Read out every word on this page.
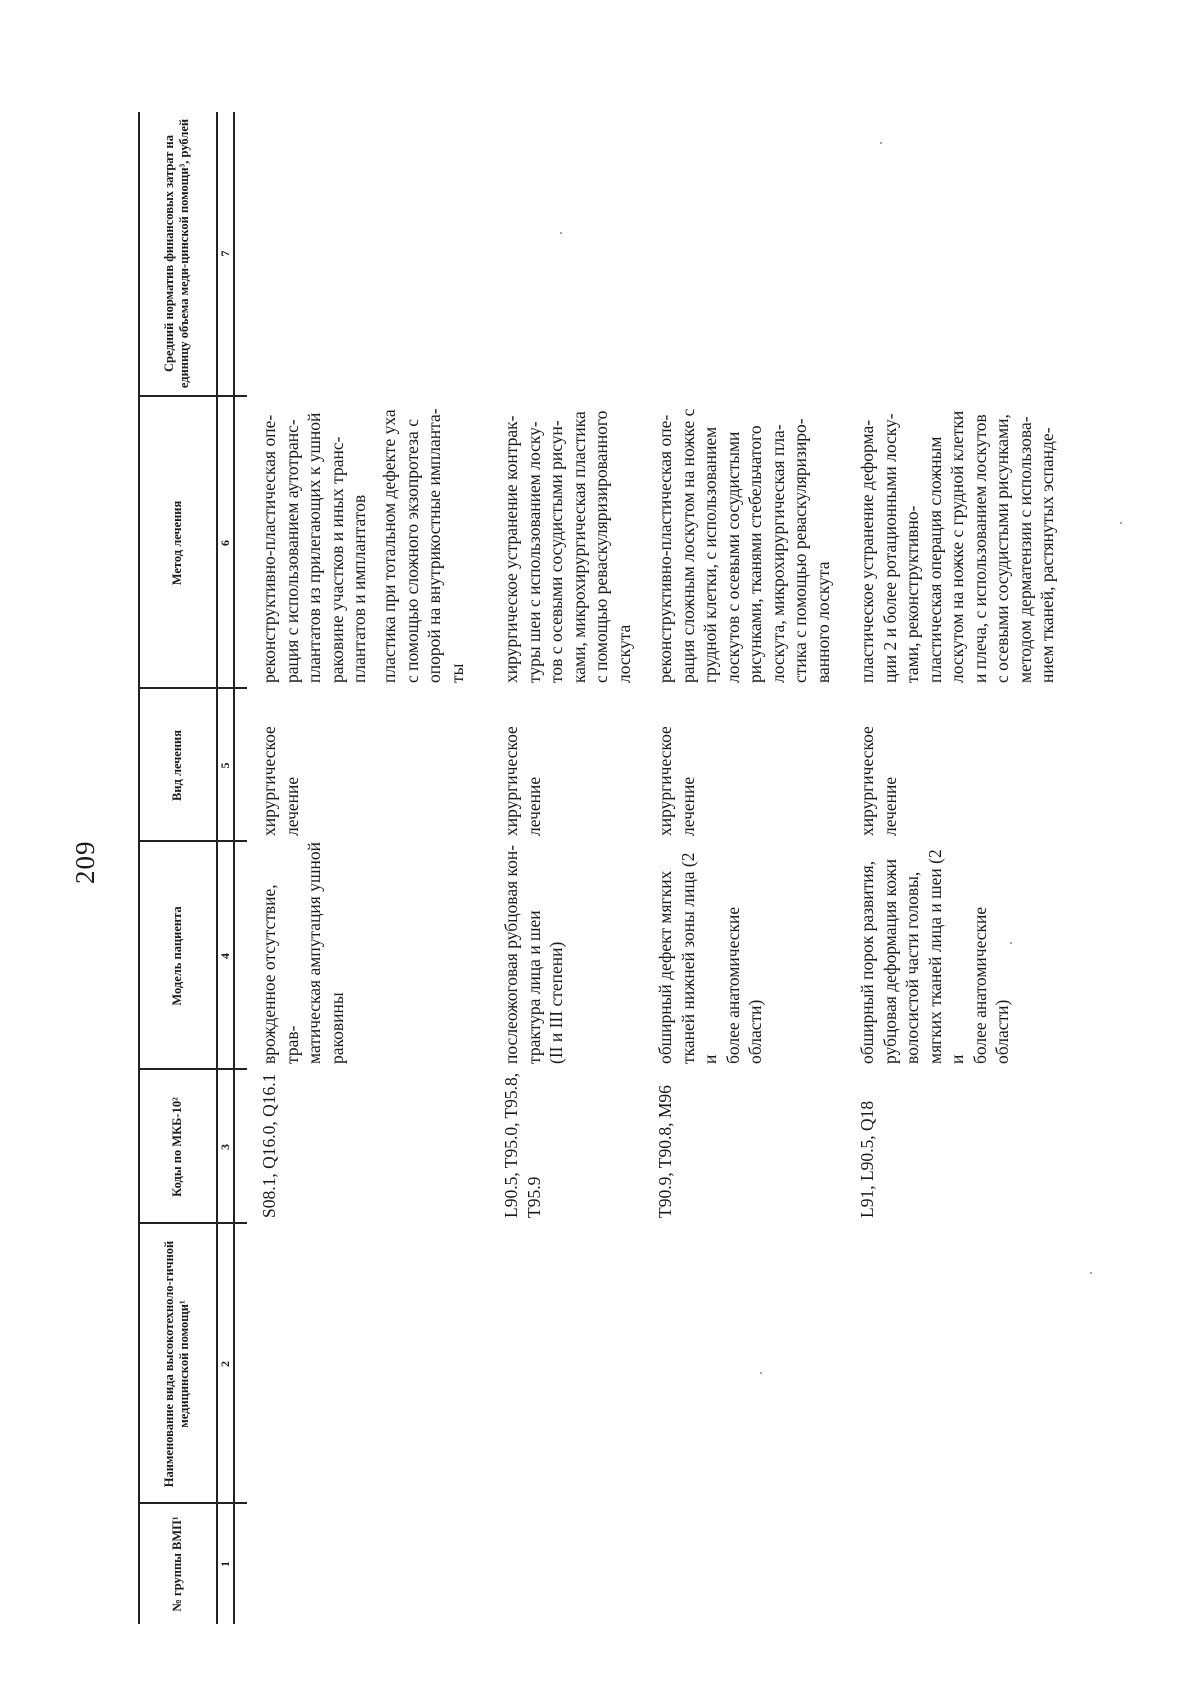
209
№ группы ВМП¹
Наименование вида высокотехноло-гичной медицинской помощи¹
Коды по МКБ-10²
Модель пациента
Вид лечения
Метод лечения
Средний норматив финансовых затрат на единицу объема меди-цинской помощи³, рублей
1
2
3
4
5
6
7
S08.1, Q16.0, Q16.1
врожденное отсутствие, трав-
матическая ампутация ушной
раковины
хирургическое
лечение
реконструктивно-пластическая опе-
рация с использованием аутотранс-
плантатов из прилегающих к ушной
раковине участков и иных транс-
плантатов и имплантатов
пластика при тотальном дефекте уха
с помощью сложного экзопротеза с
опорой на внутрикостные импланта-
ты
L90.5, T95.0, T95.8,
T95.9
послеожоговая рубцовая кон-
трактура лица и шеи
(II и III степени)
хирургическое
лечение
хирургическое устранение контрак-
туры шеи с использованием лоску-
тов с осевыми сосудистыми рисун-
ками, микрохирургическая пластика
с помощью реваскуляризированного
лоскута
T90.9, T90.8, M96
обширный дефект мягких
тканей нижней зоны лица (2 и
более анатомические области)
хирургическое
лечение
реконструктивно-пластическая опе-
рация сложным лоскутом на ножке с
грудной клетки, с использованием
лоскутов с осевыми сосудистыми
рисунками, тканями стебельчатого
лоскута, микрохирургическая пла-
стика с помощью реваскуляризиро-
ванного лоскута
L91, L90.5, Q18
обширный порок развития,
рубцовая деформация кожи
волосистой части головы,
мягких тканей лица и шеи (2 и
более анатомические области)
хирургическое
лечение
пластическое устранение деформа-
ции 2 и более ротационными лоску-
тами, реконструктивно-
пластическая операция сложным
лоскутом на ножке с грудной клетки
и плеча, с использованием лоскутов
с осевыми сосудистыми рисунками,
методом дерматензии с использова-
нием тканей, растянутых эспанде-
